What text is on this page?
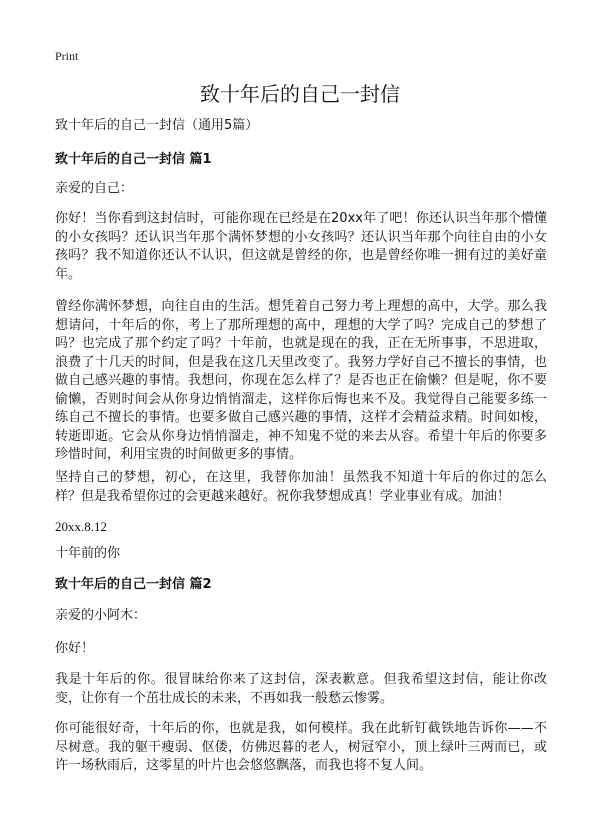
Print
致十年后的自己一封信
致十年后的自己一封信（通用5篇）
致十年后的自己一封信 篇1
亲爱的自己：

你好！当你看到这封信时，可能你现在已经是在20xx年了吧！你还认识当年那个懵懂的小女孩吗？还认识当年那个满怀梦想的小女孩吗？还认识当年那个向往自由的小女孩吗？我不知道你还认不认识，但这就是曾经的你，也是曾经你唯一拥有过的美好童年。

曾经你满怀梦想，向往自由的生活。想凭着自己努力考上理想的高中，大学。那么我想请问，十年后的你，考上了那所理想的高中，理想的大学了吗？完成自己的梦想了吗？也完成了那个约定了吗？十年前，也就是现在的我，正在无所事事，不思进取，浪费了十几天的时间，但是我在这几天里改变了。我努力学好自己不擅长的事情，也做自己感兴趣的事情。我想问，你现在怎么样了？是否也正在偷懒？但是呢，你不要偷懒，否则时间会从你身边悄悄溜走，这样你后悔也来不及。我觉得自己能要多练一练自己不擅长的事情。也要多做自己感兴趣的事情，这样才会精益求精。时间如梭，转逝即逝。它会从你身边悄悄溜走，神不知鬼不觉的来去从容。希望十年后的你要多珍惜时间，利用宝贵的时间做更多的事情。

坚持自己的梦想，初心，在这里，我替你加油！虽然我不知道十年后的你过的怎么样？但是我希望你过的会更越来越好。祝你我梦想成真！学业事业有成。加油！

20xx.8.12
十年前的你
致十年后的自己一封信 篇2
亲爱的小阿木：
你好！

我是十年后的你。很冒昧给你来了这封信，深表歉意。但我希望这封信，能让你改变，让你有一个茁壮成长的未来，不再如我一般愁云惨雾。

你可能很好奇，十年后的你，也就是我，如何模样。我在此斩钉截铁地告诉你——不尽树意。我的躯干瘦弱、伛偻，仿佛迟暮的老人，树冠窄小，顶上绿叶三两而已，或许一场秋雨后，这零星的叶片也会悠悠飘落，而我也将不复人间。
